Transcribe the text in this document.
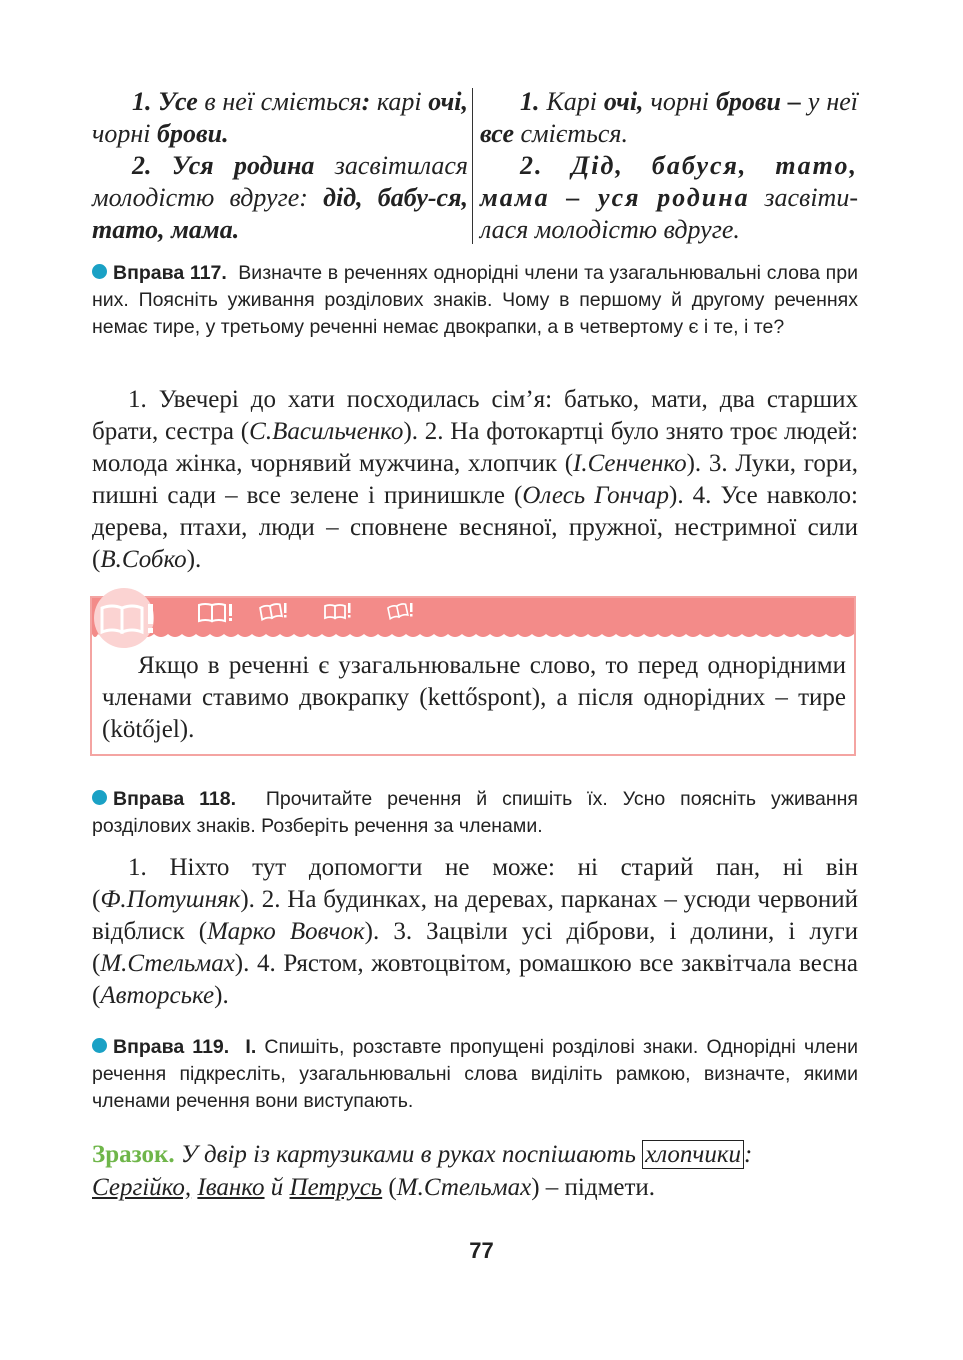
1. Усе в неї сміється: карі очі, чорні брови.

2. Уся родина засвітилася молодістю вдруге: дід, бабу-ся, тато, мама.

1. Карі очі, чорні брови – у неї все сміється.

2. Дід, бабуся, тато, мама – уся родина засвіти-лася молодістю вдруге.

Вправа 117. Визначте в реченнях однорідні члени та узагальнювальні слова при них. Поясніть уживання розділових знаків. Чому в першому й другому реченнях немає тире, у третьому реченні немає двокрапки, а в четвертому є і те, і те?
1. Увечері до хати посходилась сім’я: батько, мати, два старших брати, сестра (С.Васильченко). 2. На фотокартці було знято троє людей: молода жінка, чорнявий мужчина, хлопчик (І.Сенченко). 3. Луки, гори, пишні сади – все зелене і принишкле (Олесь Гончар). 4. Усе навколо: дерева, птахи, люди – сповнене весняної, пружної, нестримної сили (В.Собко).
Якщо в реченні є узагальнювальне слово, то перед однорідними членами ставимо двокрапку (kettőspont), а після однорідних – тире (kötőjel).
Вправа 118. Прочитайте речення й спишіть їх. Усно поясніть уживання розділових знаків. Розберіть речення за членами.
1. Ніхто тут допомогти не може: ні старий пан, ні він (Ф.Потушняк). 2. На будинках, на деревах, парканах – усюди червоний відблиск (Марко Вовчок). 3. Зацвіли усі діброви, і долини, і луги (М.Стельмах). 4. Рястом, жовтоцвітом, ромашкою все заквітчала весна (Авторське).
Вправа 119. І. Спишіть, розставте пропущені розділові знаки. Однорідні члени речення підкресліть, узагальнювальні слова виділіть рамкою, визначте, якими членами речення вони виступають.
Зразок. У двір із картузиками в руках поспішають хлопчики :
Сергійко, Іванко й Петрусь (М.Стельмах) – підмети.
77
